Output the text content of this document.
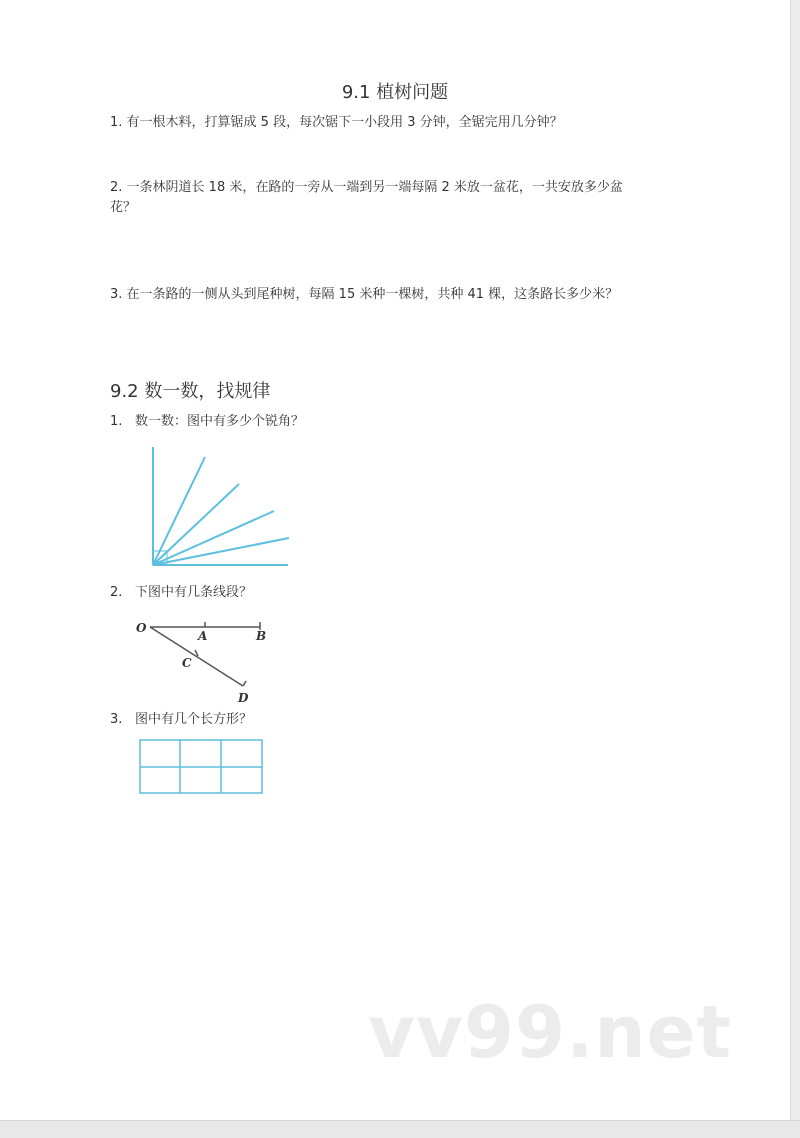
9.1 植树问题
1. 有一根木料，打算锯成 5 段，每次锯下一小段用 3 分钟，全锯完用几分钟？
2. 一条林阴道长 18 米，在路的一旁从一端到另一端每隔 2 米放一盆花，一共安放多少盆
花？
3. 在一条路的一侧从头到尾种树，每隔 15 米种一棵树，共种 41 棵，这条路长多少米？
9.2 数一数，找规律
1. 数一数：图中有多少个锐角？
2. 下图中有几条线段？
3. 图中有几个长方形？
O
A	B
C
D
vv99.net
